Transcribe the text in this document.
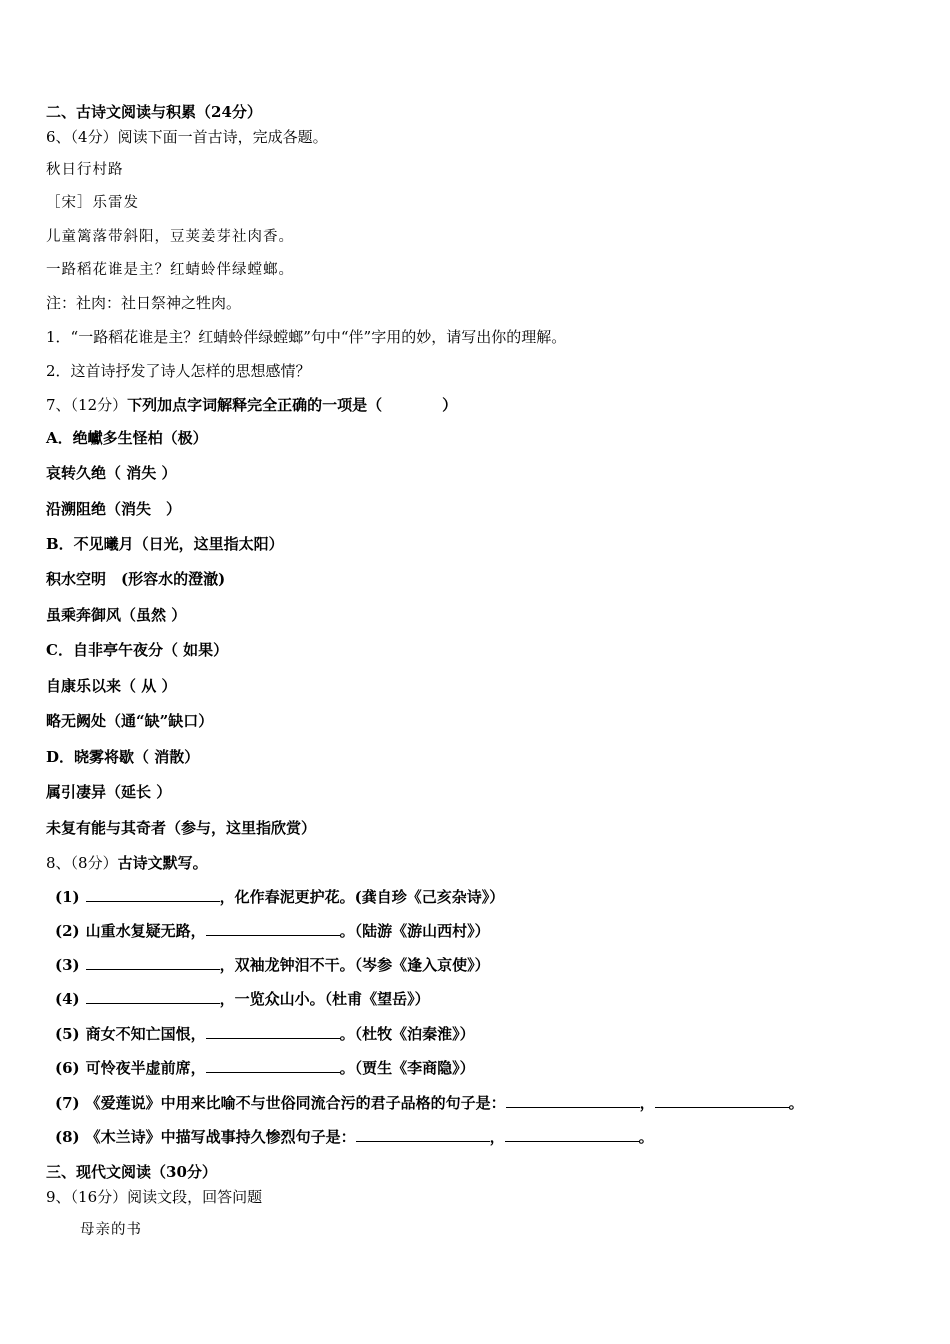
二、古诗文阅读与积累（24分）
6、（4分）阅读下面一首古诗，完成各题。
秋日行村路
［宋］乐雷发
儿童篱落带斜阳，豆荚姜芽社肉香。
一路稻花谁是主？红蜻蛉伴绿螳螂。
注：社肉：社日祭神之牲肉。
1．“一路稻花谁是主？红蜻蛉伴绿螳螂”句中“伴”字用的妙，请写出你的理解。
2．这首诗抒发了诗人怎样的思想感情？
7、（12分）下列加点字词解释完全正确的一项是（　　　　）
A．绝巘多生怪柏（极）
哀转久绝（ 消失 ）
沿溯阻绝（消失　）
B．不见曦月（日光，这里指太阳）
积水空明　(形容水的澄澈)
虽乘奔御风（虽然 ）
C．自非亭午夜分（ 如果）
自康乐以来（ 从 ）
略无阙处（通“缺”缺口）
D．晓雾将歇（ 消散）
属引凄异（延长 ）
未复有能与其奇者（参与，这里指欣赏）
8、（8分）古诗文默写。
(1)	，化作春泥更护花。(龚自珍《己亥杂诗》）
(2) 山重水复疑无路，	。（陆游《游山西村》）
(3)	，双袖龙钟泪不干。（岑参《逢入京使》）
(4)	，一览众山小。（杜甫《望岳》）
(5) 商女不知亡国恨，	。（杜牧《泊秦淮》）
(6) 可怜夜半虚前席，	。（贾生《李商隐》）
(7) 《爱莲说》中用来比喻不与世俗同流合污的君子品格的句子是：	，	。
(8) 《木兰诗》中描写战事持久惨烈句子是：	，	。
三、现代文阅读（30分）
9、（16分）阅读文段，回答问题
母亲的书
